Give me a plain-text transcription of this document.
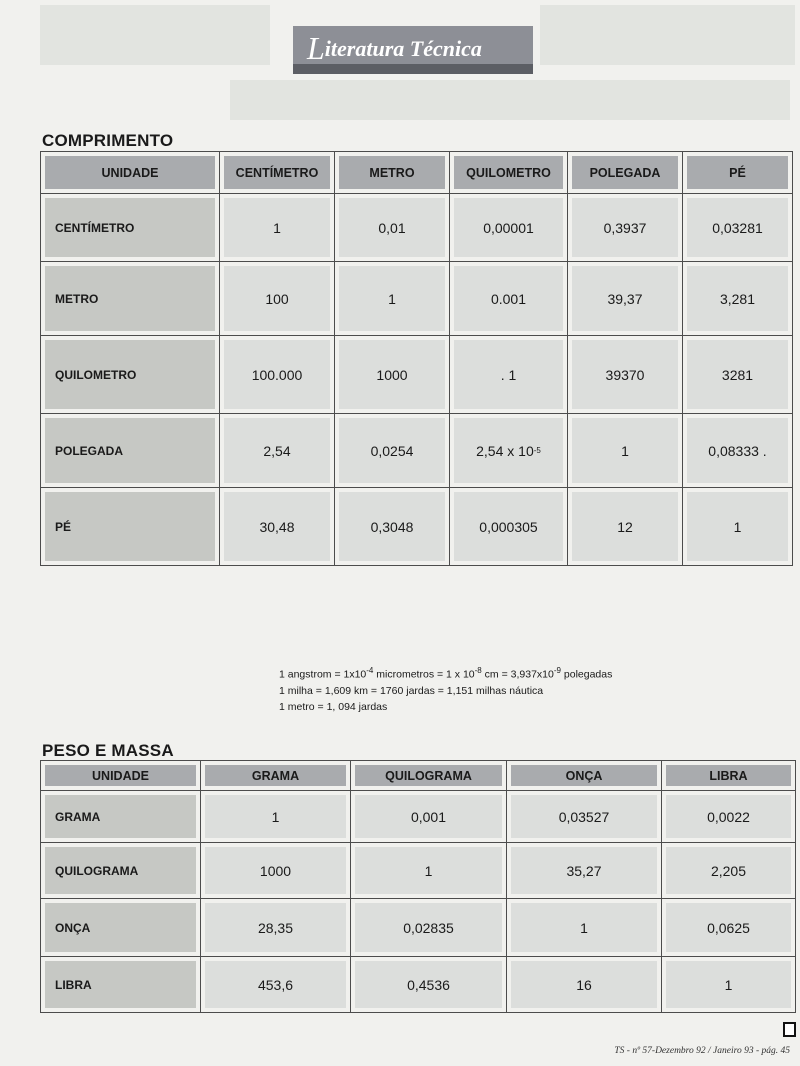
Literatura Técnica
COMPRIMENTO
UNIDADE	CENTÍMETRO	METRO	QUILOMETRO	POLEGADA	PÉ

CENTÍMETRO	1	0,01	0,00001	0,3937	0,03281

METRO	100	1	0.001	39,37	3,281

QUILOMETRO	100.000	1000	. 1	39370	3281

POLEGADA	2,54	0,0254	2,54 x 10 -5	1	0,08333 .

PÉ	30,48	0,3048	0,000305	12	1
1 angstrom = $1x10^{-4}$ micrometros = 1 x $10^{-8}$ cm = $3,937x10^{-9}$ polegadas
1 milha = 1,609 km = 1760 jardas = 1,151 milhas náutica
1 metro = 1, 094 jardas
PESO E MASSA
UNIDADE	GRAMA	QUILOGRAMA	ONÇA	LIBRA

GRAMA	1	0,001	0,03527	0,0022

QUILOGRAMA	1000	1	35,27	2,205

ONÇA	28,35	0,02835	1	0,0625

LIBRA	453,6	0,4536	16	1
TS - nº 57-Dezembro 92 / Janeiro 93 - pág. 45
